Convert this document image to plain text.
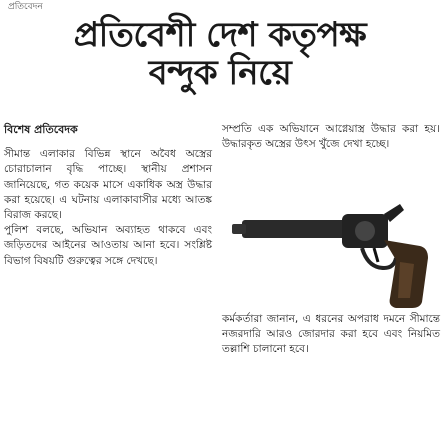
প্রতিবেদন
প্রতিবেশী দেশ কতৃপক্ষ বন্দুক নিয়ে

বিশেষ প্রতিবেদক

সীমান্ত এলাকার বিভিন্ন স্থানে অবৈধ অস্ত্রের চোরাচালান বৃদ্ধি পাচ্ছে। স্থানীয় প্রশাসন জানিয়েছে, গত কয়েক মাসে একাধিক অস্ত্র উদ্ধার করা হয়েছে। এ ঘটনায় এলাকাবাসীর মধ্যে আতঙ্ক বিরাজ করছে।

পুলিশ বলছে, অভিযান অব্যাহত থাকবে এবং জড়িতদের আইনের আওতায় আনা হবে। সংশ্লিষ্ট বিভাগ বিষয়টি গুরুত্বের সঙ্গে দেখছে।

সম্প্রতি এক অভিযানে আগ্নেয়াস্ত্র উদ্ধার করা হয়। উদ্ধারকৃত অস্ত্রের উৎস খুঁজে দেখা হচ্ছে।

কর্মকর্তারা জানান, এ ধরনের অপরাধ দমনে সীমান্তে নজরদারি আরও জোরদার করা হবে এবং নিয়মিত তল্লাশি চালানো হবে।
